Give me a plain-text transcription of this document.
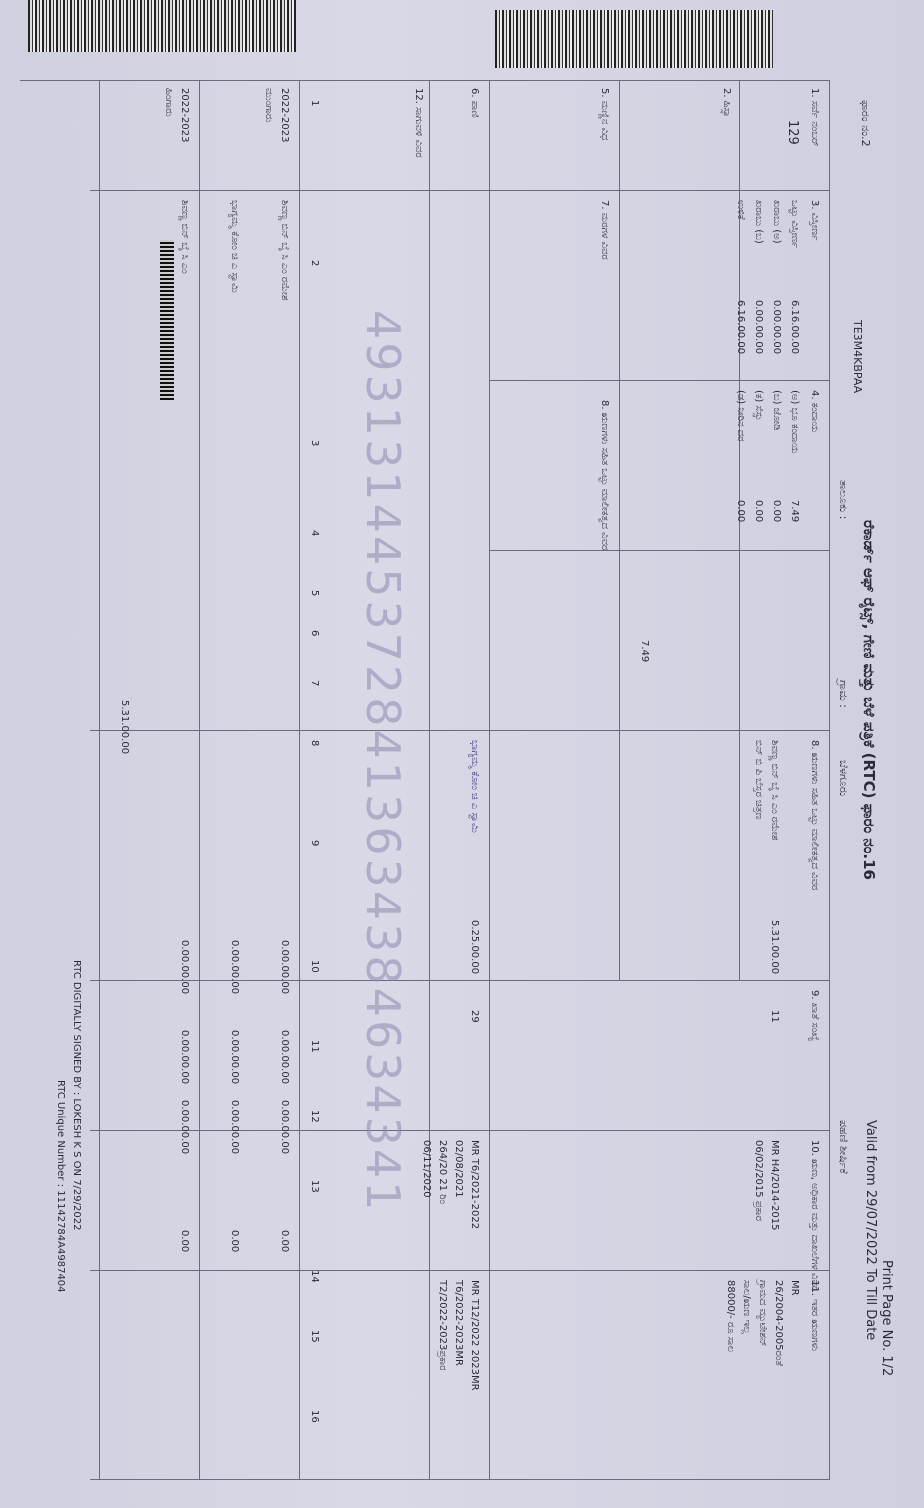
Print Page No. 1/2
Valid from 29/07/2022 To Till Date
ರೆಕಾರ್ಡ್ ಆಫ್ ರೈಟ್ಸ್, ಗೇಣಿ ಮತ್ತು ಬೆಳೆ ಪತ್ರಿಕೆ (RTC) ಫಾರಂ ನಂ.16
TE3M4KBPAA
ಫಾರಂ ನಂ.2
ತಾಲೂಕು :
ಗ್ರಾಮ :
ಬೆಳಗೂರು
ಪಹಣಿ ಶೀರ್ಷಿಕೆ
1. ಸರ್ವೆ ನಂಬರ್
129
2. ಹಿಸ್ಸಾ
5. ಮಣ್ಣಿನ ವಿಧ
6. ಪಾಣಿ
3. ವಿಸ್ತೀರ್ಣ
4. ಕಂದಾಯ
7. ಮರಗಳ ವಿವರ
8. ಋಣಗಳು ಸಹಿತ ಒಟ್ಟು ಮಾಲೀಕತ್ವದ ವಿವರ
8. ಋಣಗಳು ಸಹಿತ ಒಟ್ಟು ಮಾಲೀಕತ್ವದ ವಿವರ
9. ಖಾತೆ ಸಂಖ್ಯೆ
10. ಋಣ, ಅಧಿಕಾರ ಮತ್ತು ದಾಖಲೆಗಳ ವಿವರ
11. ಇತರ ಋಣಗಳು
12. ಸಾಗುವಳಿ ವಿವರ
ಒಟ್ಟು ವಿಸ್ತೀರ್ಣ
6.16.00.00
ಖರಾಬು (ಅ)
0.00.00.00
ಖರಾಬು (ಬ)
0.00.00.00
ಉಳಿಕೆ
6.16.00.00
(ಅ) ಭೂ ಕಂದಾಯ
7.49
(ಬ) ಜೋಡಿ
0.00
(ಕ) ಸೆಸ್ಸು
0.00
(ಡ) ನೀರಿನ ದರ
0.00
7.49
ಶಿವಣ್ಣ ಬಿನ್ ಬೈ ಸಿ ಎಂ ರಮೇಶ
ಬಿನ್ ಬಿ ಪಿ ಬೆಸ್ತರ ಚಿತ್ರಣ
5.31.00.00
11
MR H4/2014-2015
06/02/2015 ಪ್ರಕಾರ
ಭಾಗ್ಯಮ್ಮ ಕೋಂ ಚಿ ಎ ಸ್ವಾಮಿ
0.25.00.00
29
MR T6/2021-2022
02/08/2021
MR
26/2004-2005ರಂತೆ
ಗ್ರಾಮದ ಮ್ಯುಟೇಶನ್
ಸಾಲ/ಋಣ ಇಲ್ಲ
88000/- ರೂ ಸಾಲ
MR T12/2022 2023MR
T6/2022-2023MR
T2/2022-2023ಪ್ರಕಾರ
264/20 21 ರಿಂ
06/11/2020
1
2
3
4
5
6
7
8
9
10
11
12
13
14
15
16
2022-2023
ಮುಂಗಾರು
ಶಿವಣ್ಣ ಬಿನ್ ಬೈ ಸಿ ಎಂ ರಮೇಶ
0.00.00.00
0.00.00.00
0.00.00.00
0.00
ಭಾಗ್ಯಮ್ಮ ಕೋಂ ಚಿ ಎ ಸ್ವಾಮಿ
0.00.00.00
0.00.00.00
0.00.00.00
0.00
2022-2023
ಹಿಂಗಾರು
ಶಿವಣ್ಣ ಬಿನ್ ಬೈ ಸಿ ಎಂ
0.00.00.00
0.00.00.00
0.00.00.00
0.00
5.31.00.00	4931314453728413634384634341
RTC DIGITALLY SIGNED BY : LOKESH K S ON 7/29/2022
RTC Unique Number : 11142784A4987404
